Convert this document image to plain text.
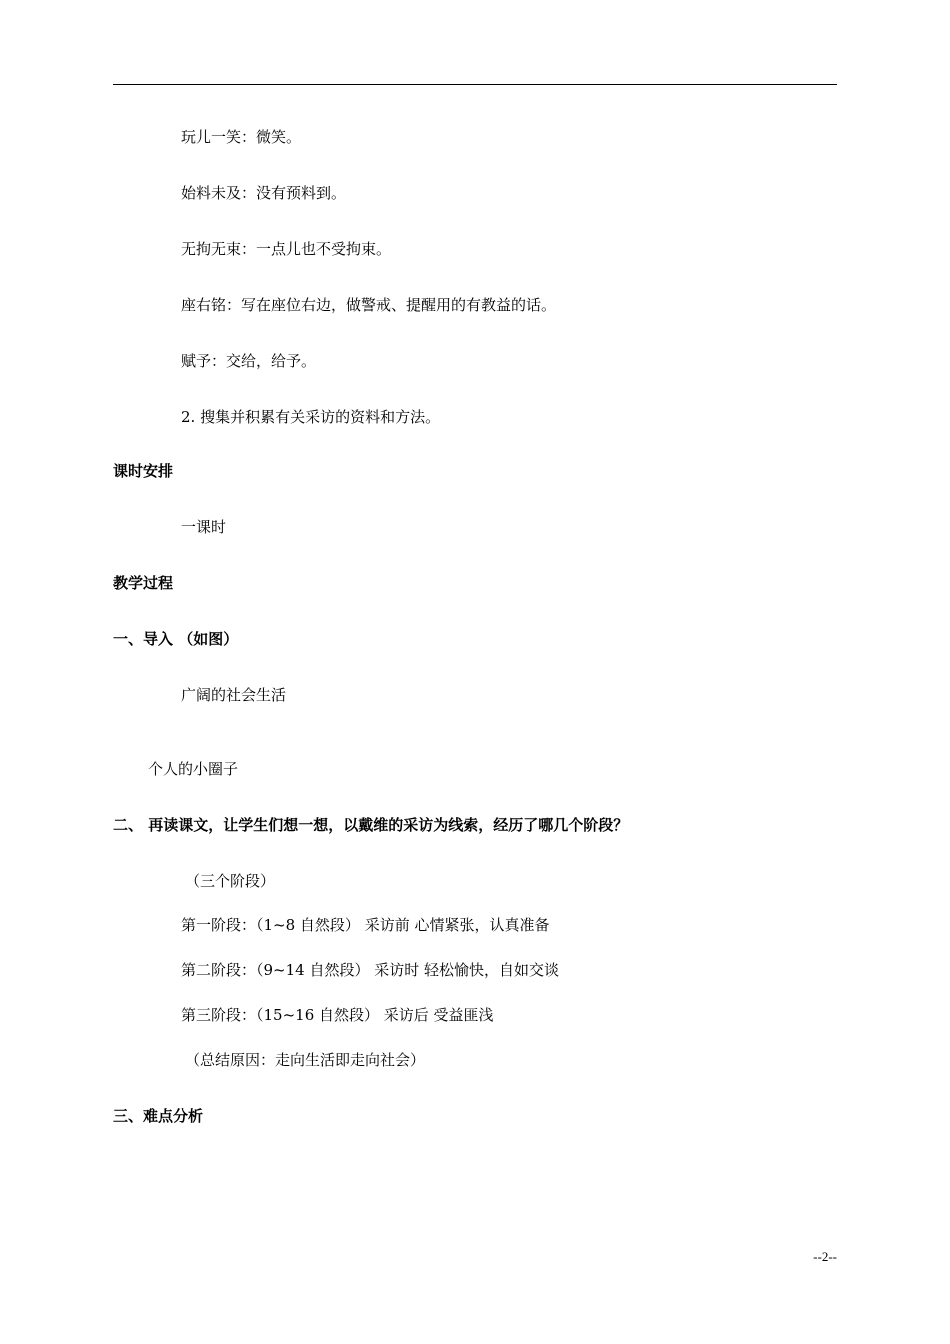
玩儿一笑：微笑。
始料未及：没有预料到。
无拘无束：一点儿也不受拘束。
座右铭：写在座位右边，做警戒、提醒用的有教益的话。
赋予：交给，给予。
2. 搜集并积累有关采访的资料和方法。
课时安排
一课时
教学过程
一、导入 （如图）
广阔的社会生活
个人的小圈子
二、 再读课文，让学生们想一想，以戴维的采访为线索，经历了哪几个阶段？
（三个阶段）
第一阶段：（1~8 自然段） 采访前 心情紧张，认真准备
第二阶段：（9~14 自然段） 采访时 轻松愉快，自如交谈
第三阶段：（15~16 自然段） 采访后 受益匪浅
（总结原因：走向生活即走向社会）
三、难点分析
--2--
